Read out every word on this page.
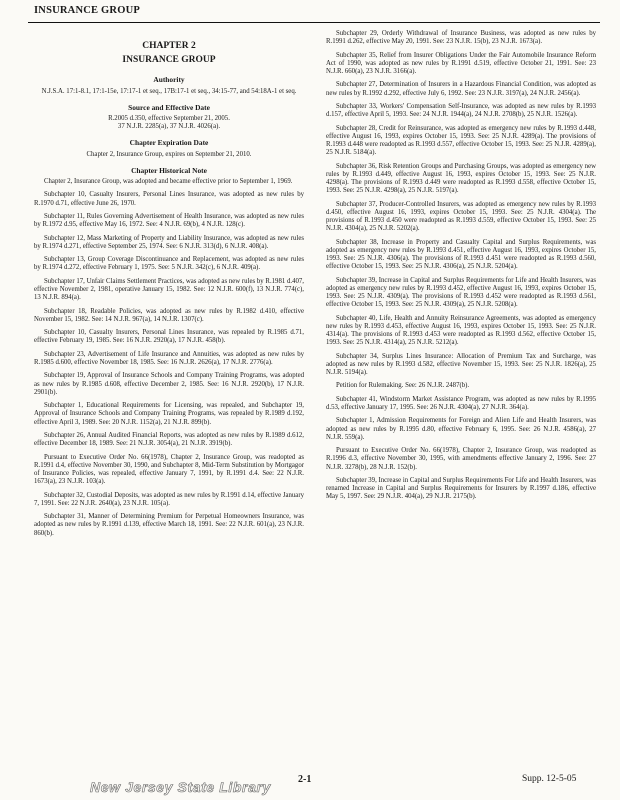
INSURANCE GROUP
CHAPTER 2
INSURANCE GROUP
Authority
N.J.S.A. 17:1-8.1, 17:1-15e, 17:17-1 et seq., 17B:17-1 et seq., 34:15-77, and 54:18A-1 et seq.
Source and Effective Date
R.2005 d.350, effective September 21, 2005.
37 N.J.R. 2285(a), 37 N.J.R. 4026(a).
Chapter Expiration Date
Chapter 2, Insurance Group, expires on September 21, 2010.
Chapter Historical Note

Chapter 2, Insurance Group, was adopted and became effective prior to September 1, 1969.

Subchapter 10, Casualty Insurers, Personal Lines Insurance, was adopted as new rules by R.1970 d.71, effective June 26, 1970.

Subchapter 11, Rules Governing Advertisement of Health Insurance, was adopted as new rules by R.1972 d.95, effective May 16, 1972. See: 4 N.J.R. 69(b), 4 N.J.R. 128(c).

Subchapter 12, Mass Marketing of Property and Liability Insurance, was adopted as new rules by R.1974 d.271, effective September 25, 1974. See: 6 N.J.R. 313(d), 6 N.J.R. 408(a).

Subchapter 13, Group Coverage Discontinuance and Replacement, was adopted as new rules by R.1974 d.272, effective February 1, 1975. See: 5 N.J.R. 342(c), 6 N.J.R. 409(a).

Subchapter 17, Unfair Claims Settlement Practices, was adopted as new rules by R.1981 d.407, effective November 2, 1981, operative January 15, 1982. See: 12 N.J.R. 600(f), 13 N.J.R. 774(c), 13 N.J.R. 894(a).

Subchapter 18, Readable Policies, was adopted as new rules by R.1982 d.410, effective November 15, 1982. See: 14 N.J.R. 967(a), 14 N.J.R. 1307(c).

Subchapter 10, Casualty Insurers, Personal Lines Insurance, was repealed by R.1985 d.71, effective February 19, 1985. See: 16 N.J.R. 2920(a), 17 N.J.R. 458(b).

Subchapter 23, Advertisement of Life Insurance and Annuities, was adopted as new rules by R.1985 d.600, effective November 18, 1985. See: 16 N.J.R. 2626(a), 17 N.J.R. 2776(a).

Subchapter 19, Approval of Insurance Schools and Company Training Programs, was adopted as new rules by R.1985 d.608, effective December 2, 1985. See: 16 N.J.R. 2920(b), 17 N.J.R. 2901(b).

Subchapter 1, Educational Requirements for Licensing, was repealed, and Subchapter 19, Approval of Insurance Schools and Company Training Programs, was repealed by R.1989 d.192, effective April 3, 1989. See: 20 N.J.R. 1152(a), 21 N.J.R. 899(b).

Subchapter 26, Annual Audited Financial Reports, was adopted as new rules by R.1989 d.612, effective December 18, 1989. See: 21 N.J.R. 3054(a), 21 N.J.R. 3919(b).

Pursuant to Executive Order No. 66(1978), Chapter 2, Insurance Group, was readopted as R.1991 d.4, effective November 30, 1990, and Subchapter 8, Mid-Term Substitution by Mortgagor of Insurance Policies, was repealed, effective January 7, 1991, by R.1991 d.4. See: 22 N.J.R. 1673(a), 23 N.J.R. 103(a).

Subchapter 32, Custodial Deposits, was adopted as new rules by R.1991 d.14, effective January 7, 1991. See: 22 N.J.R. 2640(a), 23 N.J.R. 105(a).

Subchapter 31, Manner of Determining Premium for Perpetual Homeowners Insurance, was adopted as new rules by R.1991 d.139, effective March 18, 1991. See: 22 N.J.R. 601(a), 23 N.J.R. 860(b).

Subchapter 29, Orderly Withdrawal of Insurance Business, was adopted as new rules by R.1991 d.262, effective May 20, 1991. See: 23 N.J.R. 15(b), 23 N.J.R. 1673(a).

Subchapter 35, Relief from Insurer Obligations Under the Fair Automobile Insurance Reform Act of 1990, was adopted as new rules by R.1991 d.519, effective October 21, 1991. See: 23 N.J.R. 660(a), 23 N.J.R. 3166(a).

Subchapter 27, Determination of Insurers in a Hazardous Financial Condition, was adopted as new rules by R.1992 d.292, effective July 6, 1992. See: 23 N.J.R. 3197(a), 24 N.J.R. 2456(a).

Subchapter 33, Workers' Compensation Self-Insurance, was adopted as new rules by R.1993 d.157, effective April 5, 1993. See: 24 N.J.R. 1944(a), 24 N.J.R. 2708(b), 25 N.J.R. 1526(a).

Subchapter 28, Credit for Reinsurance, was adopted as emergency new rules by R.1993 d.448, effective August 16, 1993, expires October 15, 1993. See: 25 N.J.R. 4289(a). The provisions of R.1993 d.448 were readopted as R.1993 d.557, effective October 15, 1993. See: 25 N.J.R. 4289(a), 25 N.J.R. 5184(a).

Subchapter 36, Risk Retention Groups and Purchasing Groups, was adopted as emergency new rules by R.1993 d.449, effective August 16, 1993, expires October 15, 1993. See: 25 N.J.R. 4298(a). The provisions of R.1993 d.449 were readopted as R.1993 d.558, effective October 15, 1993. See: 25 N.J.R. 4298(a), 25 N.J.R. 5197(a).

Subchapter 37, Producer-Controlled Insurers, was adopted as emergency new rules by R.1993 d.450, effective August 16, 1993, expires October 15, 1993. See: 25 N.J.R. 4304(a). The provisions of R.1993 d.450 were readopted as R.1993 d.559, effective October 15, 1993. See: 25 N.J.R. 4304(a), 25 N.J.R. 5202(a).

Subchapter 38, Increase in Property and Casualty Capital and Surplus Requirements, was adopted as emergency new rules by R.1993 d.451, effective August 16, 1993, expires October 15, 1993. See: 25 N.J.R. 4306(a). The provisions of R.1993 d.451 were readopted as R.1993 d.560, effective October 15, 1993. See: 25 N.J.R. 4306(a), 25 N.J.R. 5204(a).

Subchapter 39, Increase in Capital and Surplus Requirements for Life and Health Insurers, was adopted as emergency new rules by R.1993 d.452, effective August 16, 1993, expires October 15, 1993. See: 25 N.J.R. 4309(a). The provisions of R.1993 d.452 were readopted as R.1993 d.561, effective October 15, 1993. See: 25 N.J.R. 4309(a), 25 N.J.R. 5208(a).

Subchapter 40, Life, Health and Annuity Reinsurance Agreements, was adopted as emergency new rules by R.1993 d.453, effective August 16, 1993, expires October 15, 1993. See: 25 N.J.R. 4314(a). The provisions of R.1993 d.453 were readopted as R.1993 d.562, effective October 15, 1993. See: 25 N.J.R. 4314(a), 25 N.J.R. 5212(a).

Subchapter 34, Surplus Lines Insurance: Allocation of Premium Tax and Surcharge, was adopted as new rules by R.1993 d.582, effective November 15, 1993. See: 25 N.J.R. 1826(a), 25 N.J.R. 5194(a).

Petition for Rulemaking. See: 26 N.J.R. 2487(b).

Subchapter 41, Windstorm Market Assistance Program, was adopted as new rules by R.1995 d.53, effective January 17, 1995. See: 26 N.J.R. 4304(a), 27 N.J.R. 364(a).

Subchapter 1, Admission Requirements for Foreign and Alien Life and Health Insurers, was adopted as new rules by R.1995 d.80, effective February 6, 1995. See: 26 N.J.R. 4586(a), 27 N.J.R. 559(a).

Pursuant to Executive Order No. 66(1978), Chapter 2, Insurance Group, was readopted as R.1996 d.3, effective November 30, 1995, with amendments effective January 2, 1996. See: 27 N.J.R. 3278(b), 28 N.J.R. 152(b).

Subchapter 39, Increase in Capital and Surplus Requirements For Life and Health Insurers, was renamed Increase in Capital and Surplus Requirements for Insurers by R.1997 d.186, effective May 5, 1997. See: 29 N.J.R. 404(a), 29 N.J.R. 2175(b).

New Jersey State Library	2-1	Supp. 12-5-05
